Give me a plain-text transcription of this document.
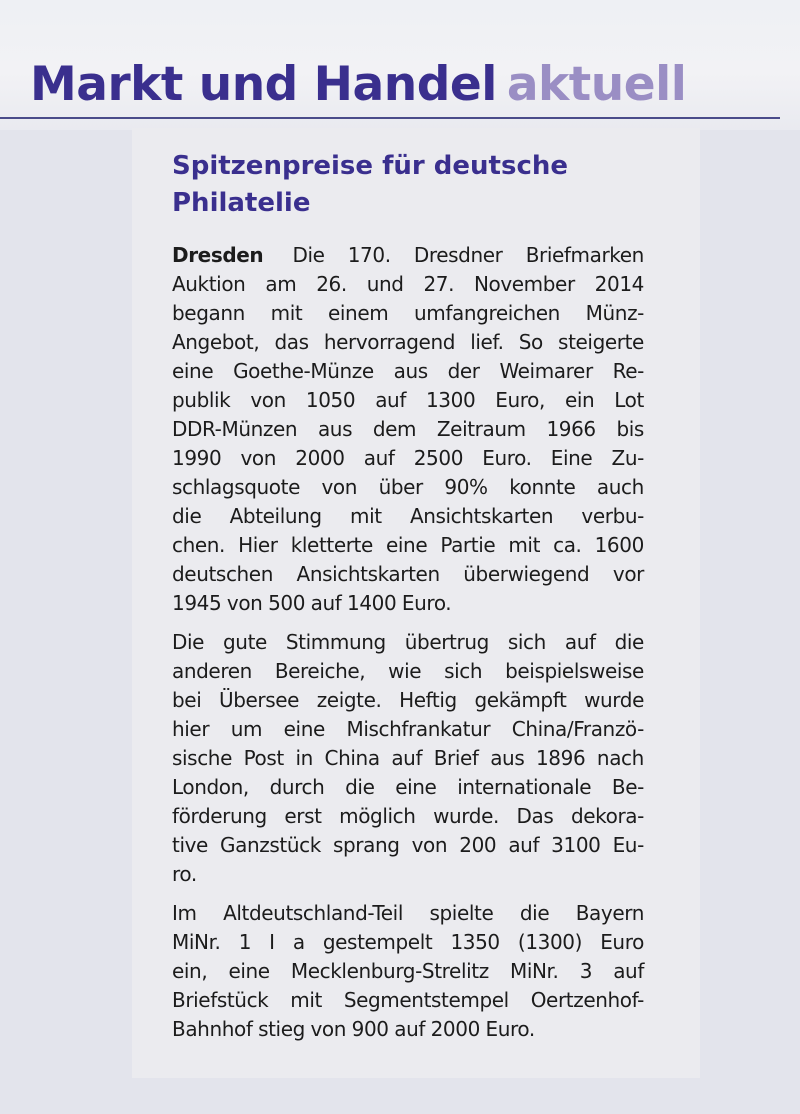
Markt und Handel aktuell
Spitzenpreise für deutsche
Philatelie
Dresden Die 170. Dresdner Briefmarken
Auktion am 26. und 27. November 2014
begann mit einem umfangreichen Münz-
Angebot, das hervorragend lief. So steigerte
eine Goethe-Münze aus der Weimarer Re-
publik von 1050 auf 1300 Euro, ein Lot
DDR-Münzen aus dem Zeitraum 1966 bis
1990 von 2000 auf 2500 Euro. Eine Zu-
schlagsquote von über 90% konnte auch
die Abteilung mit Ansichtskarten verbu-
chen. Hier kletterte eine Partie mit ca. 1600
deutschen Ansichtskarten überwiegend vor
1945 von 500 auf 1400 Euro.
Die gute Stimmung übertrug sich auf die
anderen Bereiche, wie sich beispielsweise
bei Übersee zeigte. Heftig gekämpft wurde
hier um eine Mischfrankatur China/Franzö-
sische Post in China auf Brief aus 1896 nach
London, durch die eine internationale Be-
förderung erst möglich wurde. Das dekora-
tive Ganzstück sprang von 200 auf 3100 Eu-
ro.
Im Altdeutschland-Teil spielte die Bayern
MiNr. 1 I a gestempelt 1350 (1300) Euro
ein, eine Mecklenburg-Strelitz MiNr. 3 auf
Briefstück mit Segmentstempel Oertzenhof-
Bahnhof stieg von 900 auf 2000 Euro.
